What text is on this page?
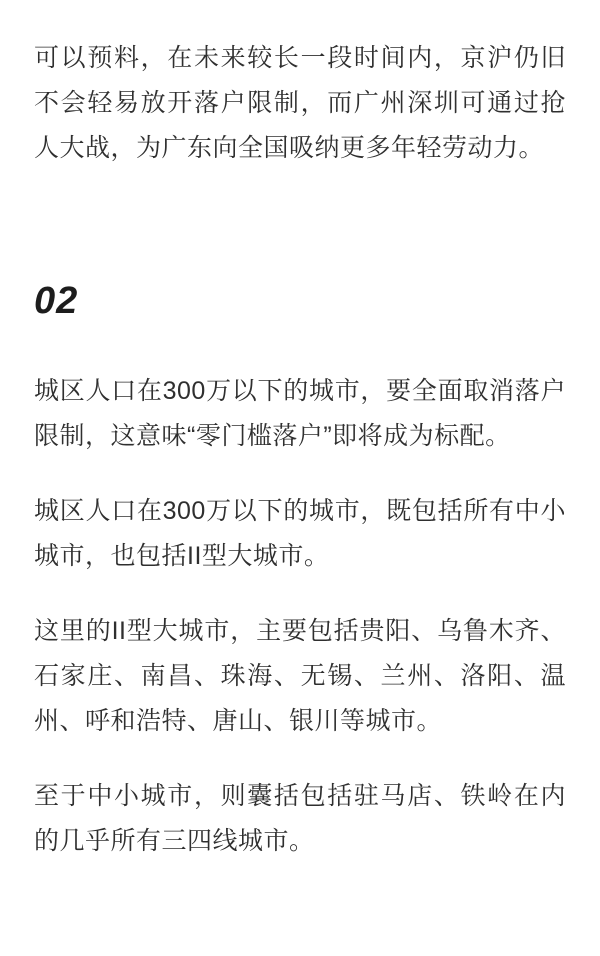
可以预料，在未来较长一段时间内，京沪仍旧不会轻易放开落户限制，而广州深圳可通过抢人大战，为广东向全国吸纳更多年轻劳动力。

02

城区人口在300万以下的城市，要全面取消落户限制，这意味“零门槛落户”即将成为标配。

城区人口在300万以下的城市，既包括所有中小城市，也包括II型大城市。

这里的II型大城市，主要包括贵阳、乌鲁木齐、石家庄、南昌、珠海、无锡、兰州、洛阳、温州、呼和浩特、唐山、银川等城市。

至于中小城市，则囊括包括驻马店、铁岭在内的几乎所有三四线城市。
